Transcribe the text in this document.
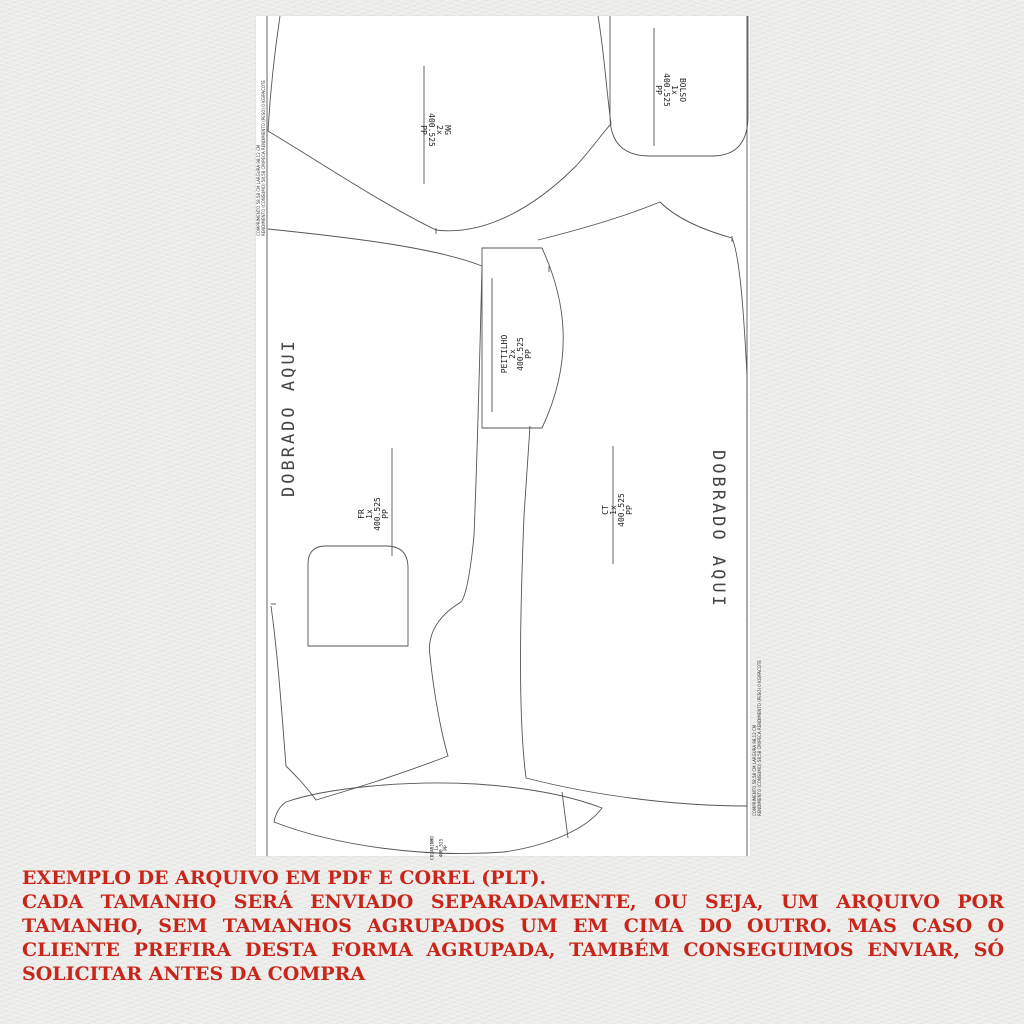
COMPRIMENTO 58,58 CM LARGURA 98,12 CM RENDIMENTO (CONSUMO) 58,58 CM/PECA RENDIMENTO (PESO) 0 KG/PACOTE
COMPRIMENTO 58,58 CM LARGURA 98,12 CM RENDIMENTO (CONSUMO) 58,58 CM/PECA RENDIMENTO (PESO) 0 KG/PACOTE
MG
2x
400.525
PP
BOLSO
1x
400.525
PP
PEITILHO 2x 400.525 PP
FR 1x 400.525 PP	CT 1x 400.525 PP
COLARINHO 1x 400.525 PP
DOBRADO AQUI
DOBRADO AQUI

EXEMPLO DE ARQUIVO EM PDF E COREL (PLT).

CADA TAMANHO SERÁ ENVIADO SEPARADAMENTE, OU SEJA, UM ARQUIVO POR TAMANHO, SEM TAMANHOS AGRUPADOS UM EM CIMA DO OUTRO. MAS CASO O CLIENTE PREFIRA DESTA FORMA AGRUPADA, TAMBÉM CONSEGUIMOS ENVIAR, SÓ SOLICITAR ANTES DA COMPRA
